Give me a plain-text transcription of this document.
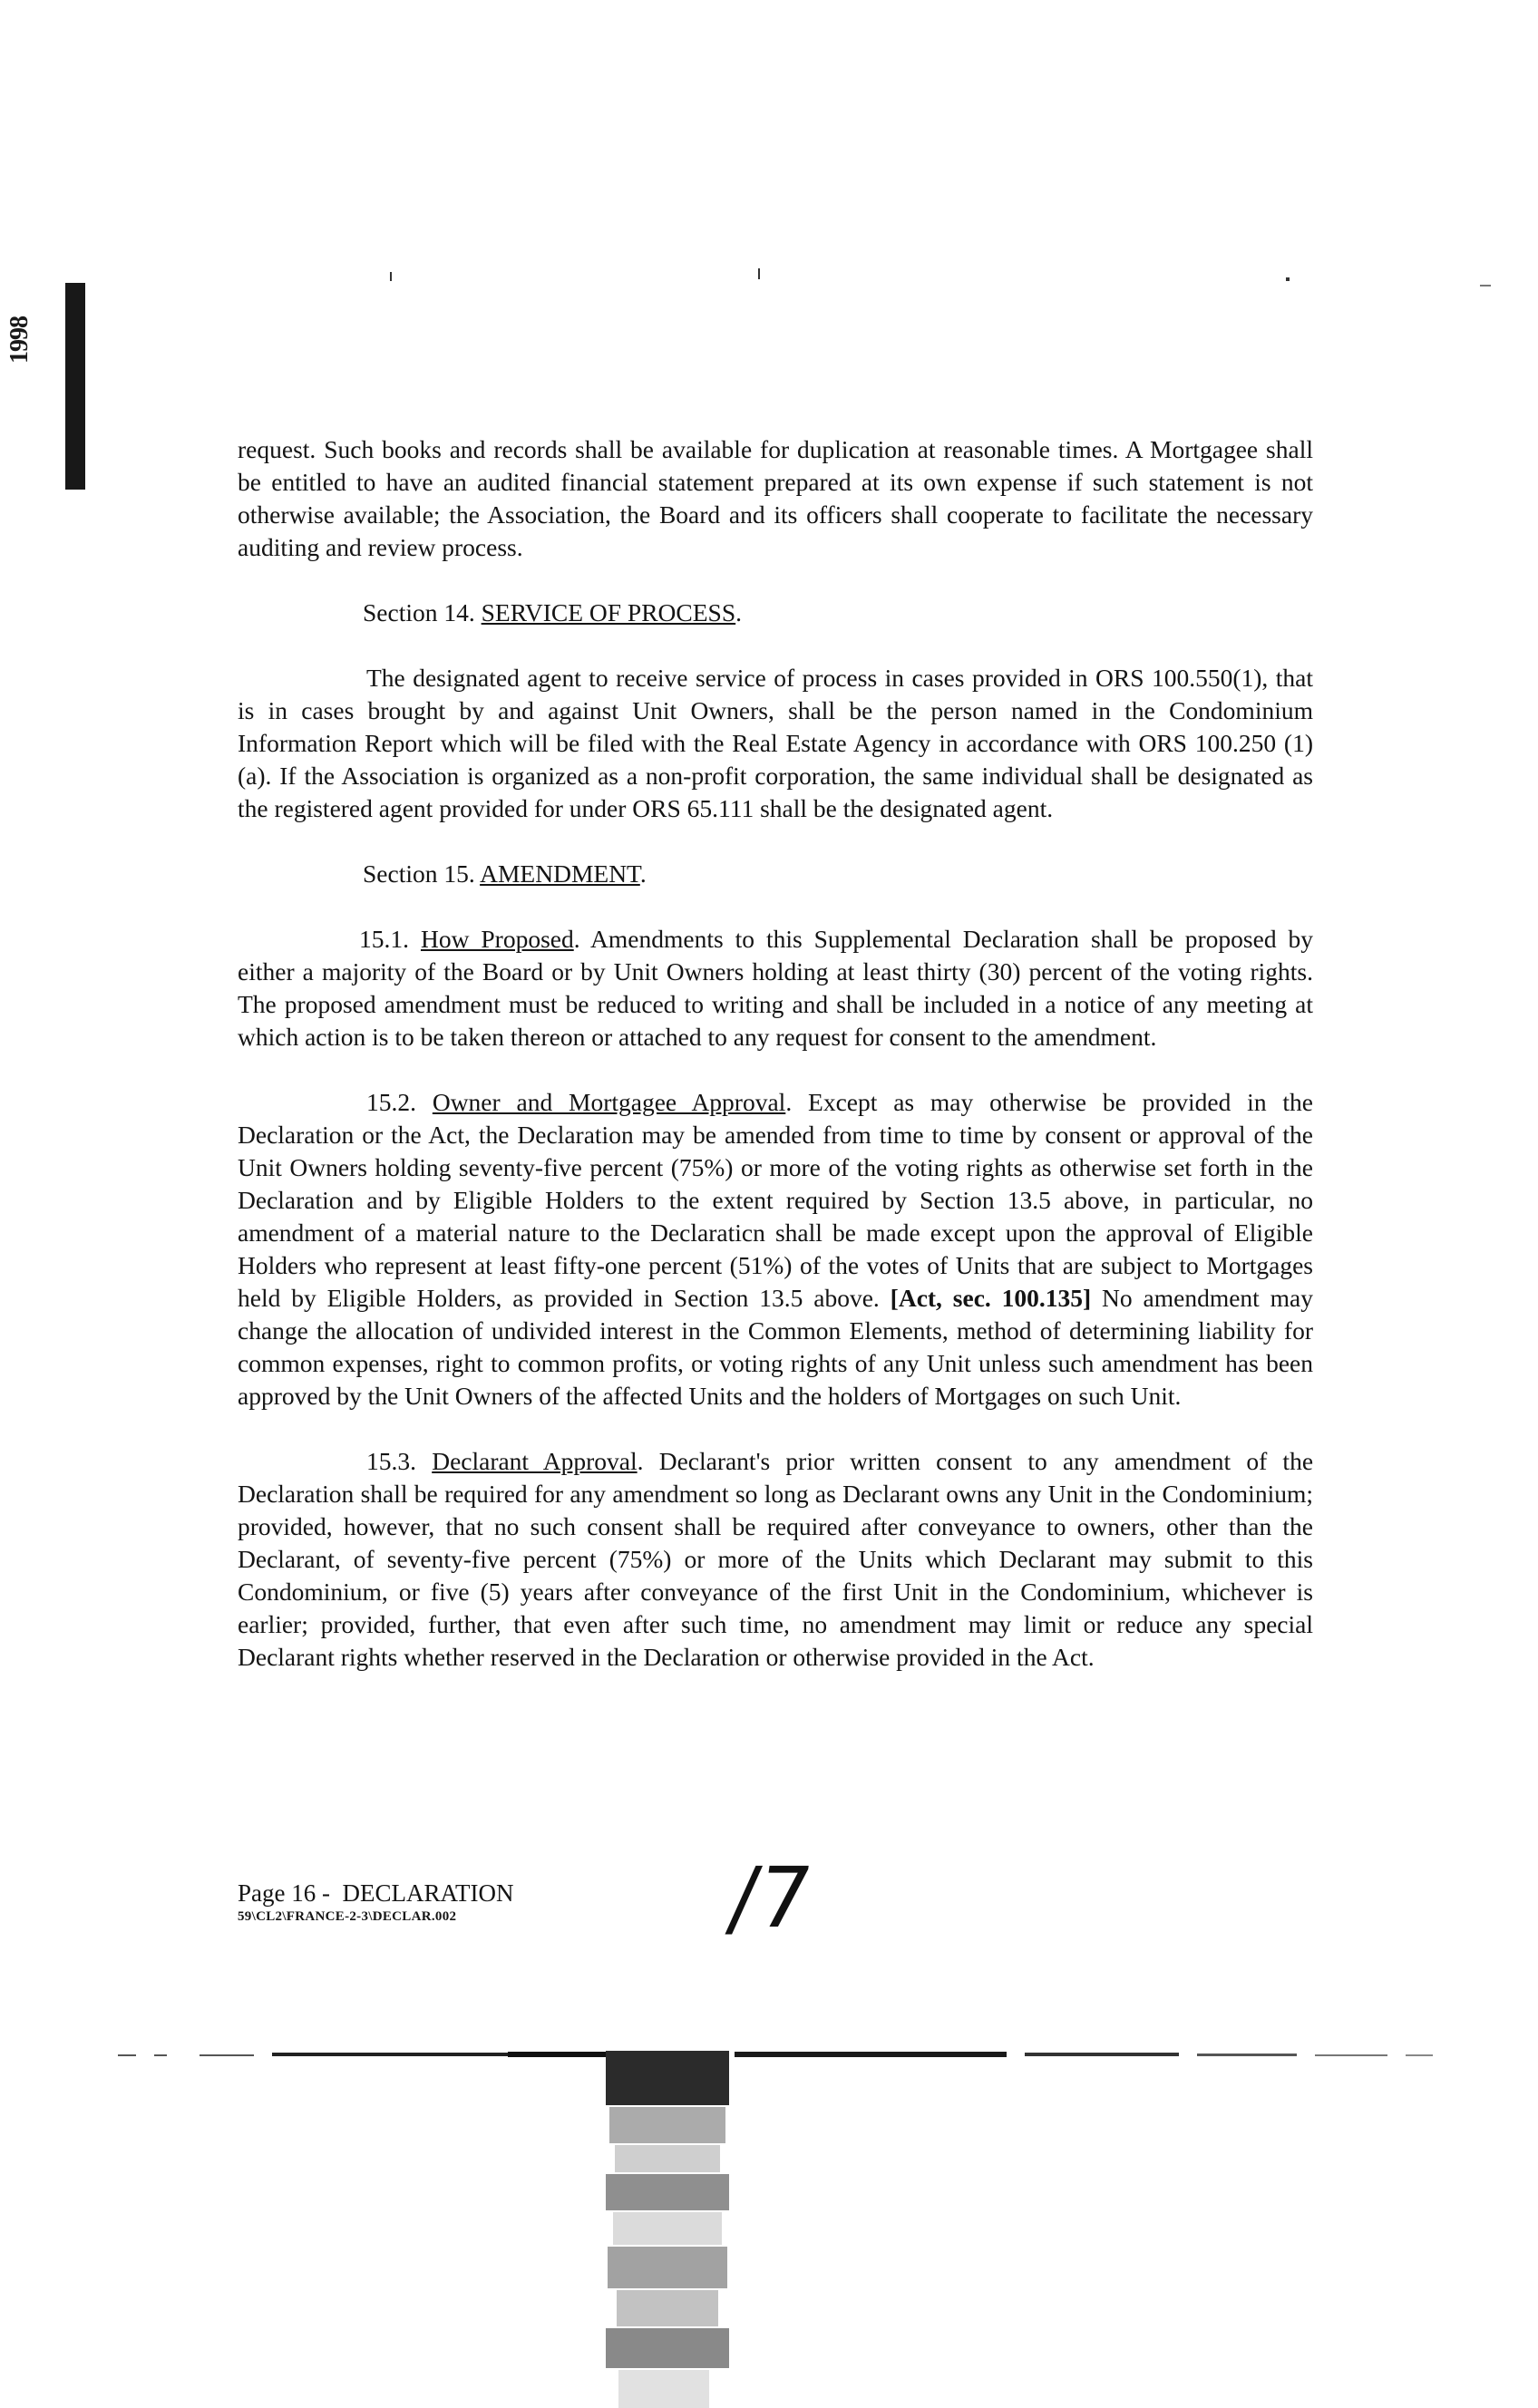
1998

request. Such books and records shall be available for duplication at reasonable times. A Mortgagee shall be entitled to have an audited financial statement prepared at its own expense if such statement is not otherwise available; the Association, the Board and its officers shall cooperate to facilitate the necessary auditing and review process.

Section 14. SERVICE OF PROCESS.

The designated agent to receive service of process in cases provided in ORS 100.550(1), that is in cases brought by and against Unit Owners, shall be the person named in the Condominium Information Report which will be filed with the Real Estate Agency in accordance with ORS 100.250 (1)(a). If the Association is organized as a non-profit corporation, the same individual shall be designated as the registered agent provided for under ORS 65.111 shall be the designated agent.

Section 15. AMENDMENT.

15.1. How Proposed. Amendments to this Supplemental Declaration shall be proposed by either a majority of the Board or by Unit Owners holding at least thirty (30) percent of the voting rights. The proposed amendment must be reduced to writing and shall be included in a notice of any meeting at which action is to be taken thereon or attached to any request for consent to the amendment.

15.2. Owner and Mortgagee Approval. Except as may otherwise be provided in the Declaration or the Act, the Declaration may be amended from time to time by consent or approval of the Unit Owners holding seventy-five percent (75%) or more of the voting rights as otherwise set forth in the Declaration and by Eligible Holders to the extent required by Section 13.5 above, in particular, no amendment of a material nature to the Declaraticn shall be made except upon the approval of Eligible Holders who represent at least fifty-one percent (51%) of the votes of Units that are subject to Mortgages held by Eligible Holders, as provided in Section 13.5 above. [Act, sec. 100.135] No amendment may change the allocation of undivided interest in the Common Elements, method of determining liability for common expenses, right to common profits, or voting rights of any Unit unless such amendment has been approved by the Unit Owners of the affected Units and the holders of Mortgages on such Unit.

15.3. Declarant Approval. Declarant's prior written consent to any amendment of the Declaration shall be required for any amendment so long as Declarant owns any Unit in the Condominium; provided, however, that no such consent shall be required after conveyance to owners, other than the Declarant, of seventy-five percent (75%) or more of the Units which Declarant may submit to this Condominium, or five (5) years after conveyance of the first Unit in the Condominium, whichever is earlier; provided, further, that even after such time, no amendment may limit or reduce any special Declarant rights whether reserved in the Declaration or otherwise provided in the Act.

Page 16 - DECLARATION
59\CL2\FRANCE-2-3\DECLAR.002	/7
